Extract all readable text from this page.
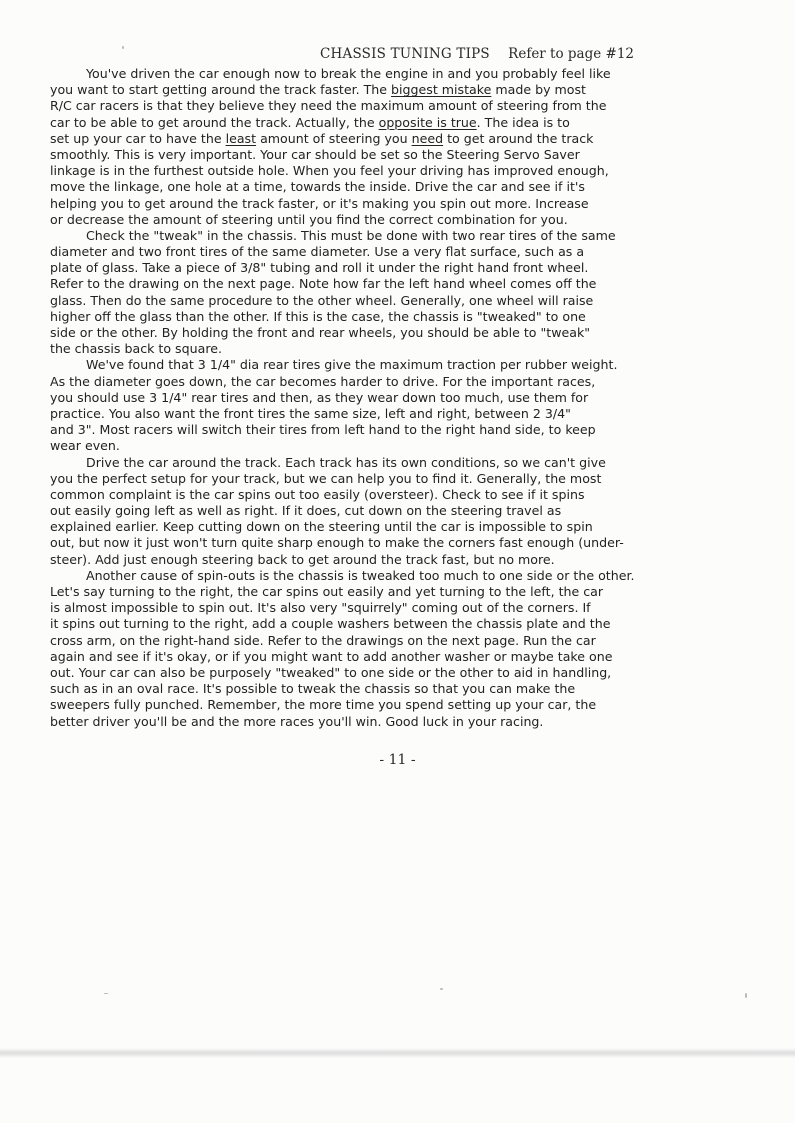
CHASSIS TUNING TIPS Refer to page #12
You've driven the car enough now to break the engine in and you probably feel like
you want to start getting around the track faster. The biggest mistake made by most
R/C car racers is that they believe they need the maximum amount of steering from the
car to be able to get around the track. Actually, the opposite is true. The idea is to
set up your car to have the least amount of steering you need to get around the track
smoothly. This is very important. Your car should be set so the Steering Servo Saver
linkage is in the furthest outside hole. When you feel your driving has improved enough,
move the linkage, one hole at a time, towards the inside. Drive the car and see if it's
helping you to get around the track faster, or it's making you spin out more. Increase
or decrease the amount of steering until you find the correct combination for you.
Check the "tweak" in the chassis. This must be done with two rear tires of the same
diameter and two front tires of the same diameter. Use a very flat surface, such as a
plate of glass. Take a piece of 3/8" tubing and roll it under the right hand front wheel.
Refer to the drawing on the next page. Note how far the left hand wheel comes off the
glass. Then do the same procedure to the other wheel. Generally, one wheel will raise
higher off the glass than the other. If this is the case, the chassis is "tweaked" to one
side or the other. By holding the front and rear wheels, you should be able to "tweak"
the chassis back to square.
We've found that 3 1/4" dia rear tires give the maximum traction per rubber weight.
As the diameter goes down, the car becomes harder to drive. For the important races,
you should use 3 1/4" rear tires and then, as they wear down too much, use them for
practice. You also want the front tires the same size, left and right, between 2 3/4"
and 3". Most racers will switch their tires from left hand to the right hand side, to keep
wear even.
Drive the car around the track. Each track has its own conditions, so we can't give
you the perfect setup for your track, but we can help you to find it. Generally, the most
common complaint is the car spins out too easily (oversteer). Check to see if it spins
out easily going left as well as right. If it does, cut down on the steering travel as
explained earlier. Keep cutting down on the steering until the car is impossible to spin
out, but now it just won't turn quite sharp enough to make the corners fast enough (under-
steer). Add just enough steering back to get around the track fast, but no more.
Another cause of spin-outs is the chassis is tweaked too much to one side or the other.
Let's say turning to the right, the car spins out easily and yet turning to the left, the car
is almost impossible to spin out. It's also very "squirrely" coming out of the corners. If
it spins out turning to the right, add a couple washers between the chassis plate and the
cross arm, on the right-hand side. Refer to the drawings on the next page. Run the car
again and see if it's okay, or if you might want to add another washer or maybe take one
out. Your car can also be purposely "tweaked" to one side or the other to aid in handling,
such as in an oval race. It's possible to tweak the chassis so that you can make the
sweepers fully punched. Remember, the more time you spend setting up your car, the
better driver you'll be and the more races you'll win. Good luck in your racing.
- 11 -
